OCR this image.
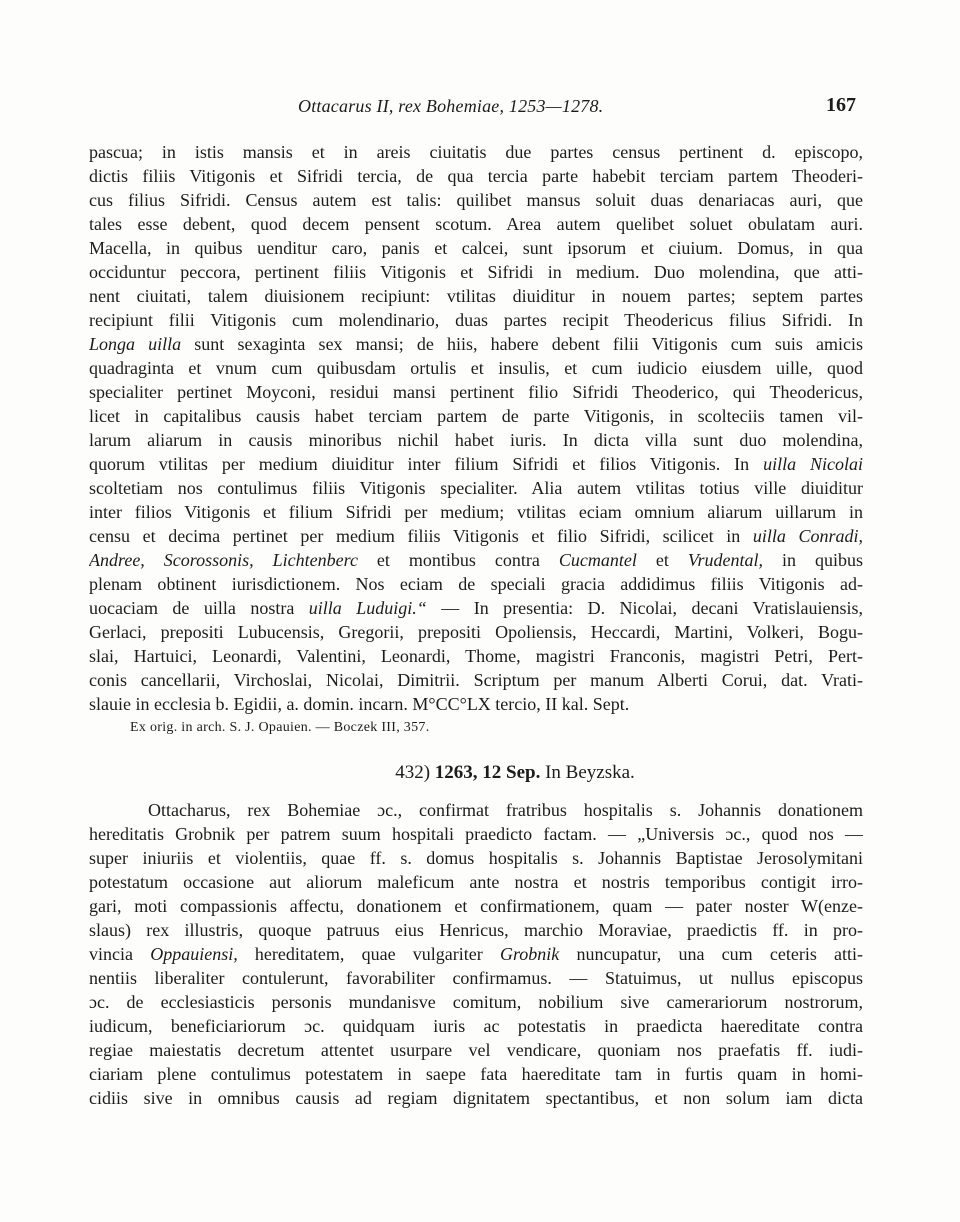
Ottacarus II, rex Bohemiae, 1253—1278.	167
pascua; in istis mansis et in areis ciuitatis due partes census pertinent d. episcopo,
dictis filiis Vitigonis et Sifridi tercia, de qua tercia parte habebit terciam partem Theoderi-
cus filius Sifridi. Census autem est talis: quilibet mansus soluit duas denariacas auri, que
tales esse debent, quod decem pensent scotum. Area autem quelibet soluet obulatam auri.
Macella, in quibus uenditur caro, panis et calcei, sunt ipsorum et ciuium. Domus, in qua
occiduntur peccora, pertinent filiis Vitigonis et Sifridi in medium. Duo molendina, que atti-
nent ciuitati, talem diuisionem recipiunt: vtilitas diuiditur in nouem partes; septem partes
recipiunt filii Vitigonis cum molendinario, duas partes recipit Theodericus filius Sifridi. In
Longa uilla sunt sexaginta sex mansi; de hiis, habere debent filii Vitigonis cum suis amicis
quadraginta et vnum cum quibusdam ortulis et insulis, et cum iudicio eiusdem uille, quod
specialiter pertinet Moyconi, residui mansi pertinent filio Sifridi Theoderico, qui Theodericus,
licet in capitalibus causis habet terciam partem de parte Vitigonis, in scolteciis tamen vil-
larum aliarum in causis minoribus nichil habet iuris. In dicta villa sunt duo molendina,
quorum vtilitas per medium diuiditur inter filium Sifridi et filios Vitigonis. In uilla Nicolai
scoltetiam nos contulimus filiis Vitigonis specialiter. Alia autem vtilitas totius ville diuiditur
inter filios Vitigonis et filium Sifridi per medium; vtilitas eciam omnium aliarum uillarum in
censu et decima pertinet per medium filiis Vitigonis et filio Sifridi, scilicet in uilla Conradi,
Andree, Scorossonis, Lichtenberc et montibus contra Cucmantel et Vrudental, in quibus
plenam obtinent iurisdictionem. Nos eciam de speciali gracia addidimus filiis Vitigonis ad-
uocaciam de uilla nostra uilla Luduigi.“ — In presentia: D. Nicolai, decani Vratislauiensis,
Gerlaci, prepositi Lubucensis, Gregorii, prepositi Opoliensis, Heccardi, Martini, Volkeri, Bogu-
slai, Hartuici, Leonardi, Valentini, Leonardi, Thome, magistri Franconis, magistri Petri, Pert-
conis cancellarii, Virchoslai, Nicolai, Dimitrii. Scriptum per manum Alberti Corui, dat. Vrati-
slauie in ecclesia b. Egidii, a. domin. incarn. M°CC°LX tercio, II kal. Sept.
Ex orig. in arch. S. J. Opauien. — Boczek III, 357.
432) 1263, 12 Sep. In Beyzska.
Ottacharus, rex Bohemiae ɔc., confirmat fratribus hospitalis s. Johannis donationem
hereditatis Grobnik per patrem suum hospitali praedicto factam. — „Universis ɔc., quod nos —
super iniuriis et violentiis, quae ff. s. domus hospitalis s. Johannis Baptistae Jerosolymitani
potestatum occasione aut aliorum maleficum ante nostra et nostris temporibus contigit irro-
gari, moti compassionis affectu, donationem et confirmationem, quam — pater noster W(enze-
slaus) rex illustris, quoque patruus eius Henricus, marchio Moraviae, praedictis ff. in pro-
vincia Oppauiensi, hereditatem, quae vulgariter Grobnik nuncupatur, una cum ceteris atti-
nentiis liberaliter contulerunt, favorabiliter confirmamus. — Statuimus, ut nullus episcopus
ɔc. de ecclesiasticis personis mundanisve comitum, nobilium sive camerariorum nostrorum,
iudicum, beneficiariorum ɔc. quidquam iuris ac potestatis in praedicta haereditate contra
regiae maiestatis decretum attentet usurpare vel vendicare, quoniam nos praefatis ff. iudi-
ciariam plene contulimus potestatem in saepe fata haereditate tam in furtis quam in homi-
cidiis sive in omnibus causis ad regiam dignitatem spectantibus, et non solum iam dicta
